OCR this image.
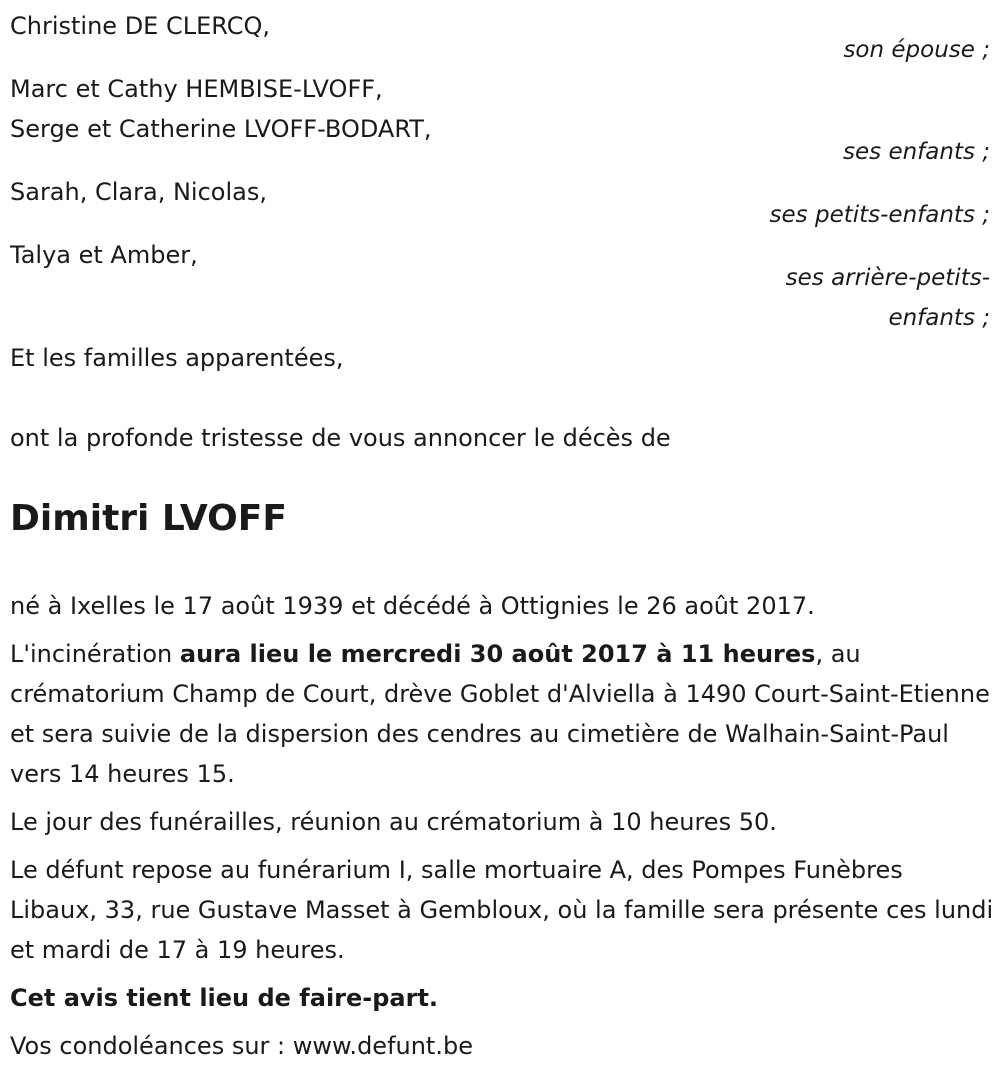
Christine DE CLERCQ,
son épouse ;
Marc et Cathy HEMBISE-LVOFF,
Serge et Catherine LVOFF-BODART,
ses enfants ;
Sarah, Clara, Nicolas,
ses petits-enfants ;
Talya et Amber,
ses arrière-petits-
enfants ;
Et les familles apparentées,
ont la profonde tristesse de vous annoncer le décès de
Dimitri LVOFF

né à Ixelles le 17 août 1939 et décédé à Ottignies le 26 août 2017.

L'incinération aura lieu le mercredi 30 août 2017 à 11 heures, au crématorium Champ de Court, drève Goblet d'Alviella à 1490 Court-Saint-Etienne et sera suivie de la dispersion des cendres au cimetière de Walhain-Saint-Paul vers 14 heures 15.

Le jour des funérailles, réunion au crématorium à 10 heures 50.

Le défunt repose au funérarium I, salle mortuaire A, des Pompes Funèbres Libaux, 33, rue Gustave Masset à Gembloux, où la famille sera présente ces lundi et mardi de 17 à 19 heures.

Cet avis tient lieu de faire-part.

Vos condoléances sur : www.defunt.be
